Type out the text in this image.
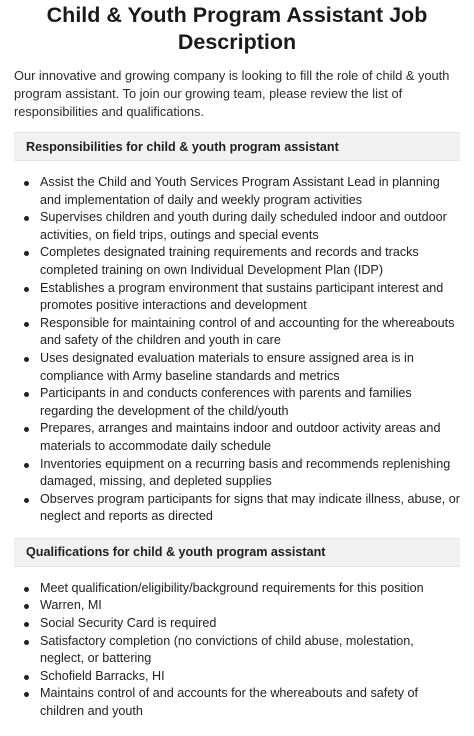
Child & Youth Program Assistant Job Description

Our innovative and growing company is looking to fill the role of child & youth program assistant. To join our growing team, please review the list of responsibilities and qualifications.

Responsibilities for child & youth program assistant
Assist the Child and Youth Services Program Assistant Lead in planning and implementation of daily and weekly program activities
Supervises children and youth during daily scheduled indoor and outdoor activities, on field trips, outings and special events
Completes designated training requirements and records and tracks completed training on own Individual Development Plan (IDP)
Establishes a program environment that sustains participant interest and promotes positive interactions and development
Responsible for maintaining control of and accounting for the whereabouts and safety of the children and youth in care
Uses designated evaluation materials to ensure assigned area is in compliance with Army baseline standards and metrics
Participants in and conducts conferences with parents and families regarding the development of the child/youth
Prepares, arranges and maintains indoor and outdoor activity areas and materials to accommodate daily schedule
Inventories equipment on a recurring basis and recommends replenishing damaged, missing, and depleted supplies
Observes program participants for signs that may indicate illness, abuse, or neglect and reports as directed
Qualifications for child & youth program assistant
Meet qualification/eligibility/background requirements for this position
Warren, MI
Social Security Card is required
Satisfactory completion (no convictions of child abuse, molestation, neglect, or battering
Schofield Barracks, HI
Maintains control of and accounts for the whereabouts and safety of children and youth
